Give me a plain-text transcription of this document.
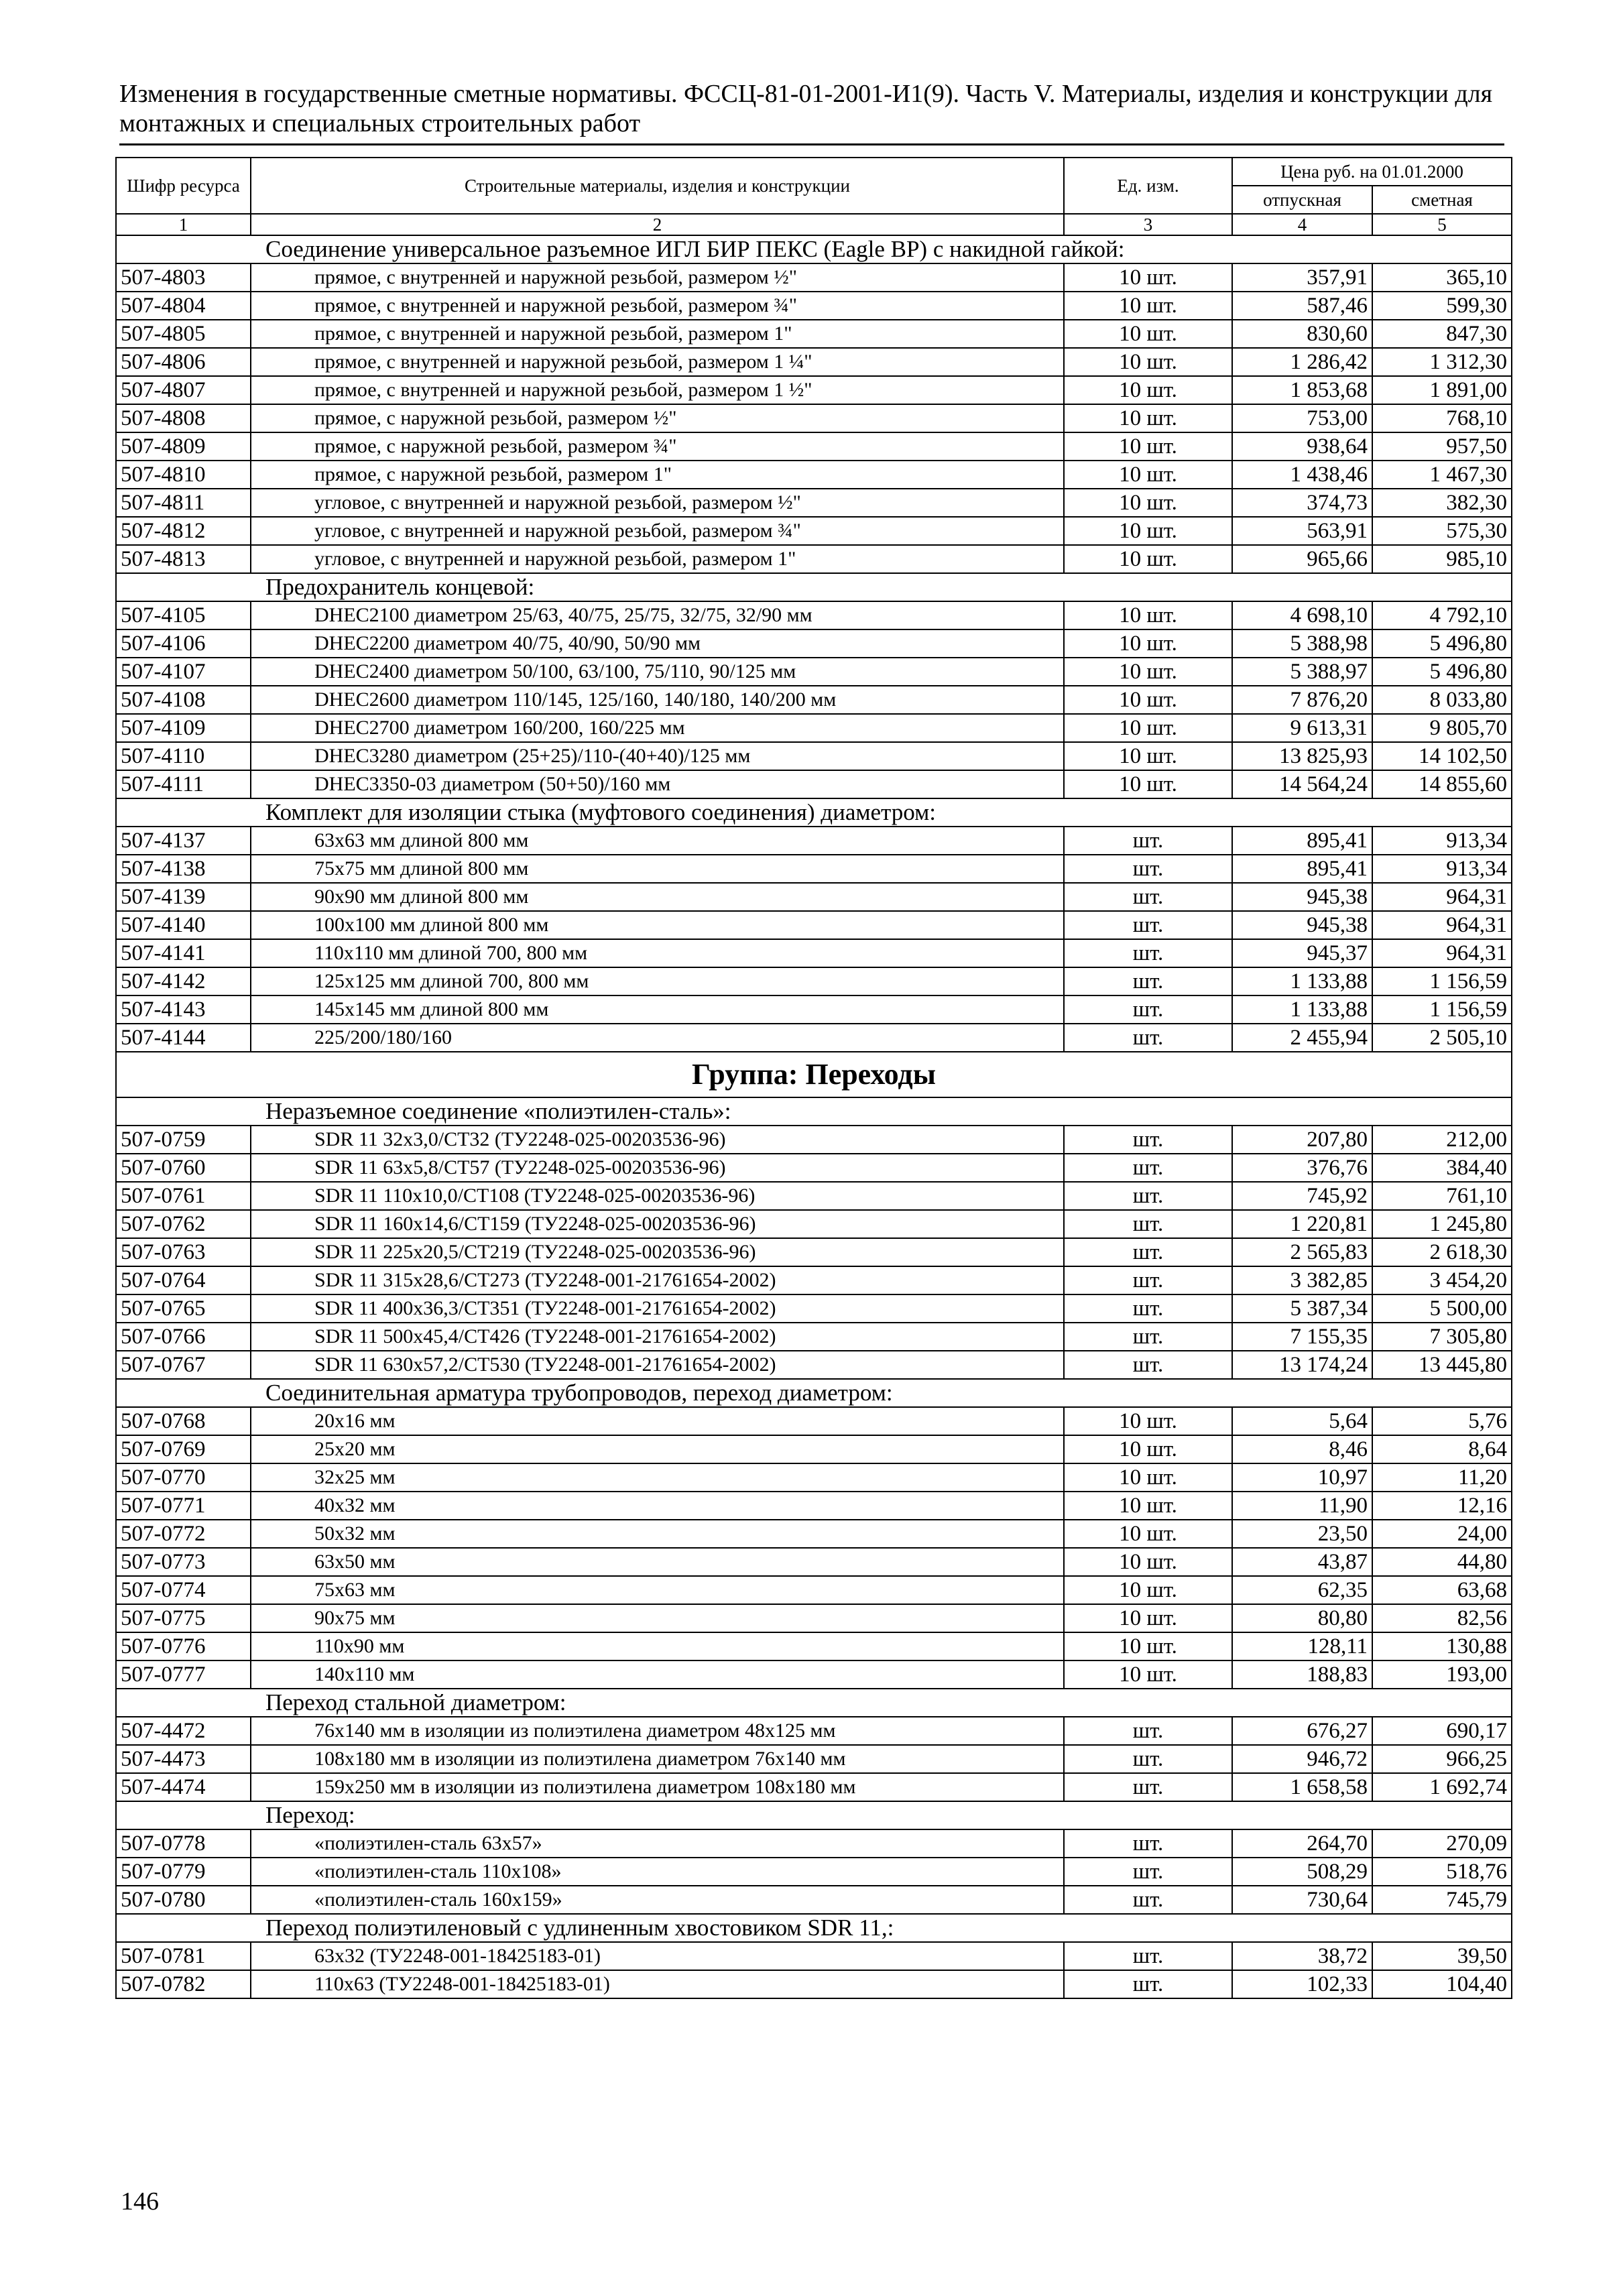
Изменения в государственные сметные нормативы. ФССЦ-81-01-2001-И1(9). Часть V. Материалы, изделия и конструкции для монтажных и специальных строительных работ
Шифр ресурса	Строительные материалы, изделия и конструкции	Ед. изм.	Цена руб. на 01.01.2000	
			отпускная	сметная
1	2	3	4	5
Соединение универсальное разъемное ИГЛ БИР ПЕКС (Eagle BP) с накидной гайкой:				
507-4803	прямое, с внутренней и наружной резьбой, размером ½"	10 шт.	357,91	365,10
507-4804	прямое, с внутренней и наружной резьбой, размером ¾"	10 шт.	587,46	599,30
507-4805	прямое, с внутренней и наружной резьбой, размером 1"	10 шт.	830,60	847,30
507-4806	прямое, с внутренней и наружной резьбой, размером 1 ¼"	10 шт.	1 286,42	1 312,30
507-4807	прямое, с внутренней и наружной резьбой, размером 1 ½"	10 шт.	1 853,68	1 891,00
507-4808	прямое, с наружной резьбой, размером ½"	10 шт.	753,00	768,10
507-4809	прямое, с наружной резьбой, размером ¾"	10 шт.	938,64	957,50
507-4810	прямое, с наружной резьбой, размером 1"	10 шт.	1 438,46	1 467,30
507-4811	угловое, с внутренней и наружной резьбой, размером ½"	10 шт.	374,73	382,30
507-4812	угловое, с внутренней и наружной резьбой, размером ¾"	10 шт.	563,91	575,30
507-4813	угловое, с внутренней и наружной резьбой, размером 1"	10 шт.	965,66	985,10
Предохранитель концевой:				
507-4105	DHEC2100 диаметром 25/63, 40/75, 25/75, 32/75, 32/90 мм	10 шт.	4 698,10	4 792,10
507-4106	DHEC2200 диаметром 40/75, 40/90, 50/90 мм	10 шт.	5 388,98	5 496,80
507-4107	DHEC2400 диаметром 50/100, 63/100, 75/110, 90/125 мм	10 шт.	5 388,97	5 496,80
507-4108	DHEC2600 диаметром 110/145, 125/160, 140/180, 140/200 мм	10 шт.	7 876,20	8 033,80
507-4109	DHEC2700 диаметром 160/200, 160/225 мм	10 шт.	9 613,31	9 805,70
507-4110	DHEC3280 диаметром (25+25)/110-(40+40)/125 мм	10 шт.	13 825,93	14 102,50
507-4111	DHEC3350-03 диаметром (50+50)/160 мм	10 шт.	14 564,24	14 855,60
Комплект для изоляции стыка (муфтового соединения) диаметром:				
507-4137	63х63 мм длиной 800 мм	шт.	895,41	913,34
507-4138	75х75 мм длиной 800 мм	шт.	895,41	913,34
507-4139	90х90 мм длиной 800 мм	шт.	945,38	964,31
507-4140	100х100 мм длиной 800 мм	шт.	945,38	964,31
507-4141	110х110 мм длиной 700, 800 мм	шт.	945,37	964,31
507-4142	125х125 мм длиной 700, 800 мм	шт.	1 133,88	1 156,59
507-4143	145х145 мм длиной 800 мм	шт.	1 133,88	1 156,59
507-4144	225/200/180/160	шт.	2 455,94	2 505,10
Группа: Переходы				
Неразъемное соединение «полиэтилен-сталь»:				
507-0759	SDR 11 32х3,0/СТ32 (ТУ2248-025-00203536-96)	шт.	207,80	212,00
507-0760	SDR 11 63х5,8/СТ57 (ТУ2248-025-00203536-96)	шт.	376,76	384,40
507-0761	SDR 11 110х10,0/СТ108 (ТУ2248-025-00203536-96)	шт.	745,92	761,10
507-0762	SDR 11 160х14,6/СТ159 (ТУ2248-025-00203536-96)	шт.	1 220,81	1 245,80
507-0763	SDR 11 225х20,5/СТ219 (ТУ2248-025-00203536-96)	шт.	2 565,83	2 618,30
507-0764	SDR 11 315х28,6/СТ273 (ТУ2248-001-21761654-2002)	шт.	3 382,85	3 454,20
507-0765	SDR 11 400х36,3/СТ351 (ТУ2248-001-21761654-2002)	шт.	5 387,34	5 500,00
507-0766	SDR 11 500х45,4/СТ426 (ТУ2248-001-21761654-2002)	шт.	7 155,35	7 305,80
507-0767	SDR 11 630х57,2/СТ530 (ТУ2248-001-21761654-2002)	шт.	13 174,24	13 445,80
Соединительная арматура трубопроводов, переход диаметром:				
507-0768	20х16 мм	10 шт.	5,64	5,76
507-0769	25х20 мм	10 шт.	8,46	8,64
507-0770	32х25 мм	10 шт.	10,97	11,20
507-0771	40х32 мм	10 шт.	11,90	12,16
507-0772	50х32 мм	10 шт.	23,50	24,00
507-0773	63х50 мм	10 шт.	43,87	44,80
507-0774	75х63 мм	10 шт.	62,35	63,68
507-0775	90х75 мм	10 шт.	80,80	82,56
507-0776	110х90 мм	10 шт.	128,11	130,88
507-0777	140х110 мм	10 шт.	188,83	193,00
Переход стальной диаметром:				
507-4472	76х140 мм в изоляции из полиэтилена диаметром 48х125 мм	шт.	676,27	690,17
507-4473	108х180 мм в изоляции из полиэтилена диаметром 76х140 мм	шт.	946,72	966,25
507-4474	159х250 мм в изоляции из полиэтилена диаметром 108х180 мм	шт.	1 658,58	1 692,74
Переход:				
507-0778	«полиэтилен-сталь 63х57»	шт.	264,70	270,09
507-0779	«полиэтилен-сталь 110х108»	шт.	508,29	518,76
507-0780	«полиэтилен-сталь 160х159»	шт.	730,64	745,79
Переход полиэтиленовый с удлиненным хвостовиком SDR 11,:				
507-0781	63х32 (ТУ2248-001-18425183-01)	шт.	38,72	39,50
507-0782	110х63 (ТУ2248-001-18425183-01)	шт.	102,33	104,40
146
